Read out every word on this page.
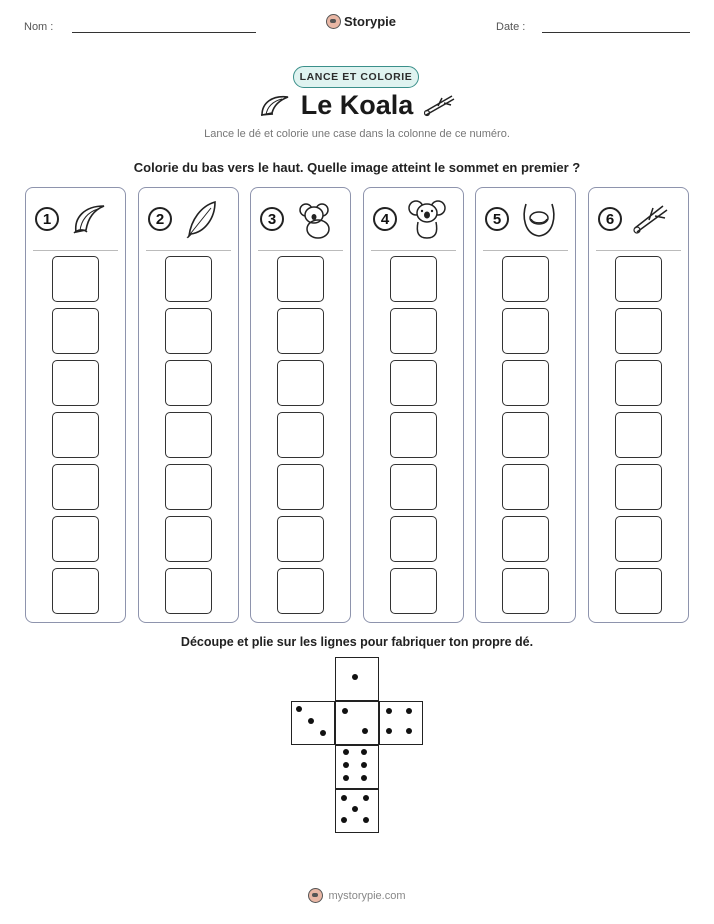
Nom :	Storypie	Date :
LANCE ET COLORIE
Le Koala
Lance le dé et colorie une case dans la colonne de ce numéro.
Colorie du bas vers le haut. Quelle image atteint le sommet en premier ?
1	2	3	4	5	6
Découpe et plie sur les lignes pour fabriquer ton propre dé.
mystorypie.com
